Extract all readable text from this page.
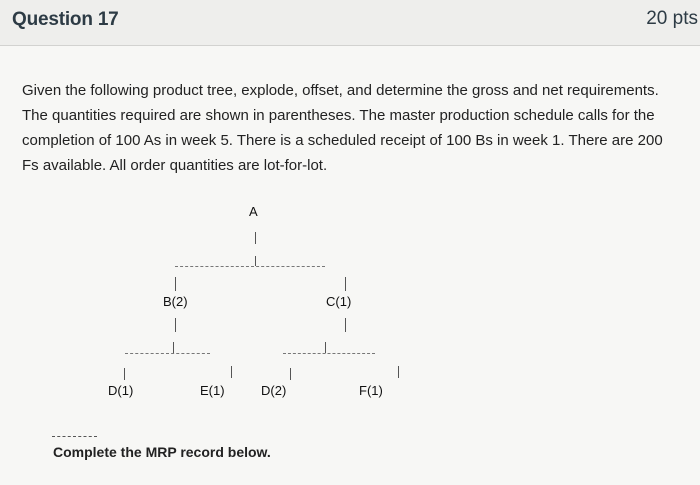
Question 17	20 pts
Given the following product tree, explode, offset, and determine the gross and net requirements. The quantities required are shown in parentheses. The master production schedule calls for the completion of 100 As in week 5. There is a scheduled receipt of 100 Bs in week 1. There are 200 Fs available. All order quantities are lot-for-lot.
A
B(2)	C(1)
D(1)	E(1)	D(2)	F(1)
Complete the MRP record below.
